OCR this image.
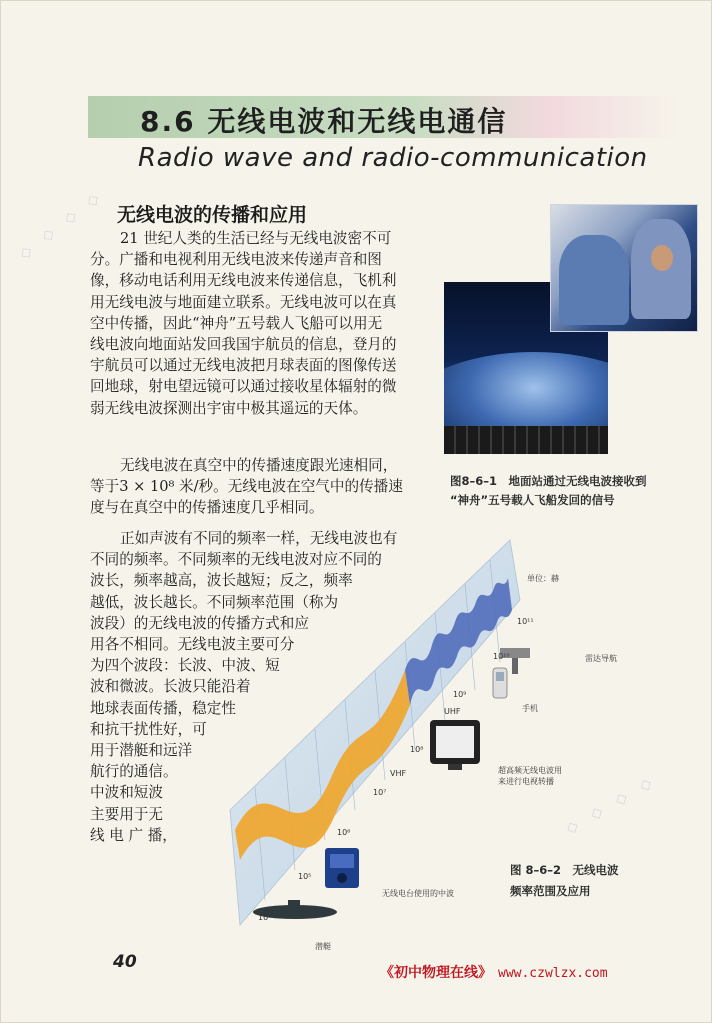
◇ ◇ ◇ ◇
◇ ◇ ◇ ◇
8.6 无线电波和无线电通信
Radio wave and radio-communication
无线电波的传播和应用
21 世纪人类的生活已经与无线电波密不可
分。广播和电视利用无线电波来传递声音和图
像，移动电话利用无线电波来传递信息，飞机利
用无线电波与地面建立联系。无线电波可以在真
空中传播，因此“神舟”五号载人飞船可以用无
线电波向地面站发回我国宇航员的信息，登月的
宇航员可以通过无线电波把月球表面的图像传送
回地球，射电望远镜可以通过接收星体辐射的微
弱无线电波探测出宇宙中极其遥远的天体。
无线电波在真空中的传播速度跟光速相同，
等于3 × 10⁸ 米/秒。无线电波在空气中的传播速
度与在真空中的传播速度几乎相同。
正如声波有不同的频率一样，无线电波也有
不同的频率。不同频率的无线电波对应不同的
波长，频率越高，波长越短；反之，频率
越低，波长越长。不同频率范围（称为
波段）的无线电波的传播方式和应
用各不相同。无线电波主要可分
为四个波段：长波、中波、短
波和微波。长波只能沿着
地球表面传播，稳定性
和抗干扰性好，可
用于潜艇和远洋
航行的通信。
中波和短波
主要用于无
线 电 广 播，
图8–6–1　地面站通过无线电波接收到
“神舟”五号载人飞船发回的信号
单位：赫
10¹¹
10¹⁰
10⁹
10⁸
10⁷
10⁶
10⁵
10⁴
UHF
VHF
雷达导航
手机
超高频无线电波用
来进行电视转播
无线电台使用的中波
潜艇
图 8–6–2　无线电波
频率范围及应用
40
《初中物理在线》 www.czwlzx.com
